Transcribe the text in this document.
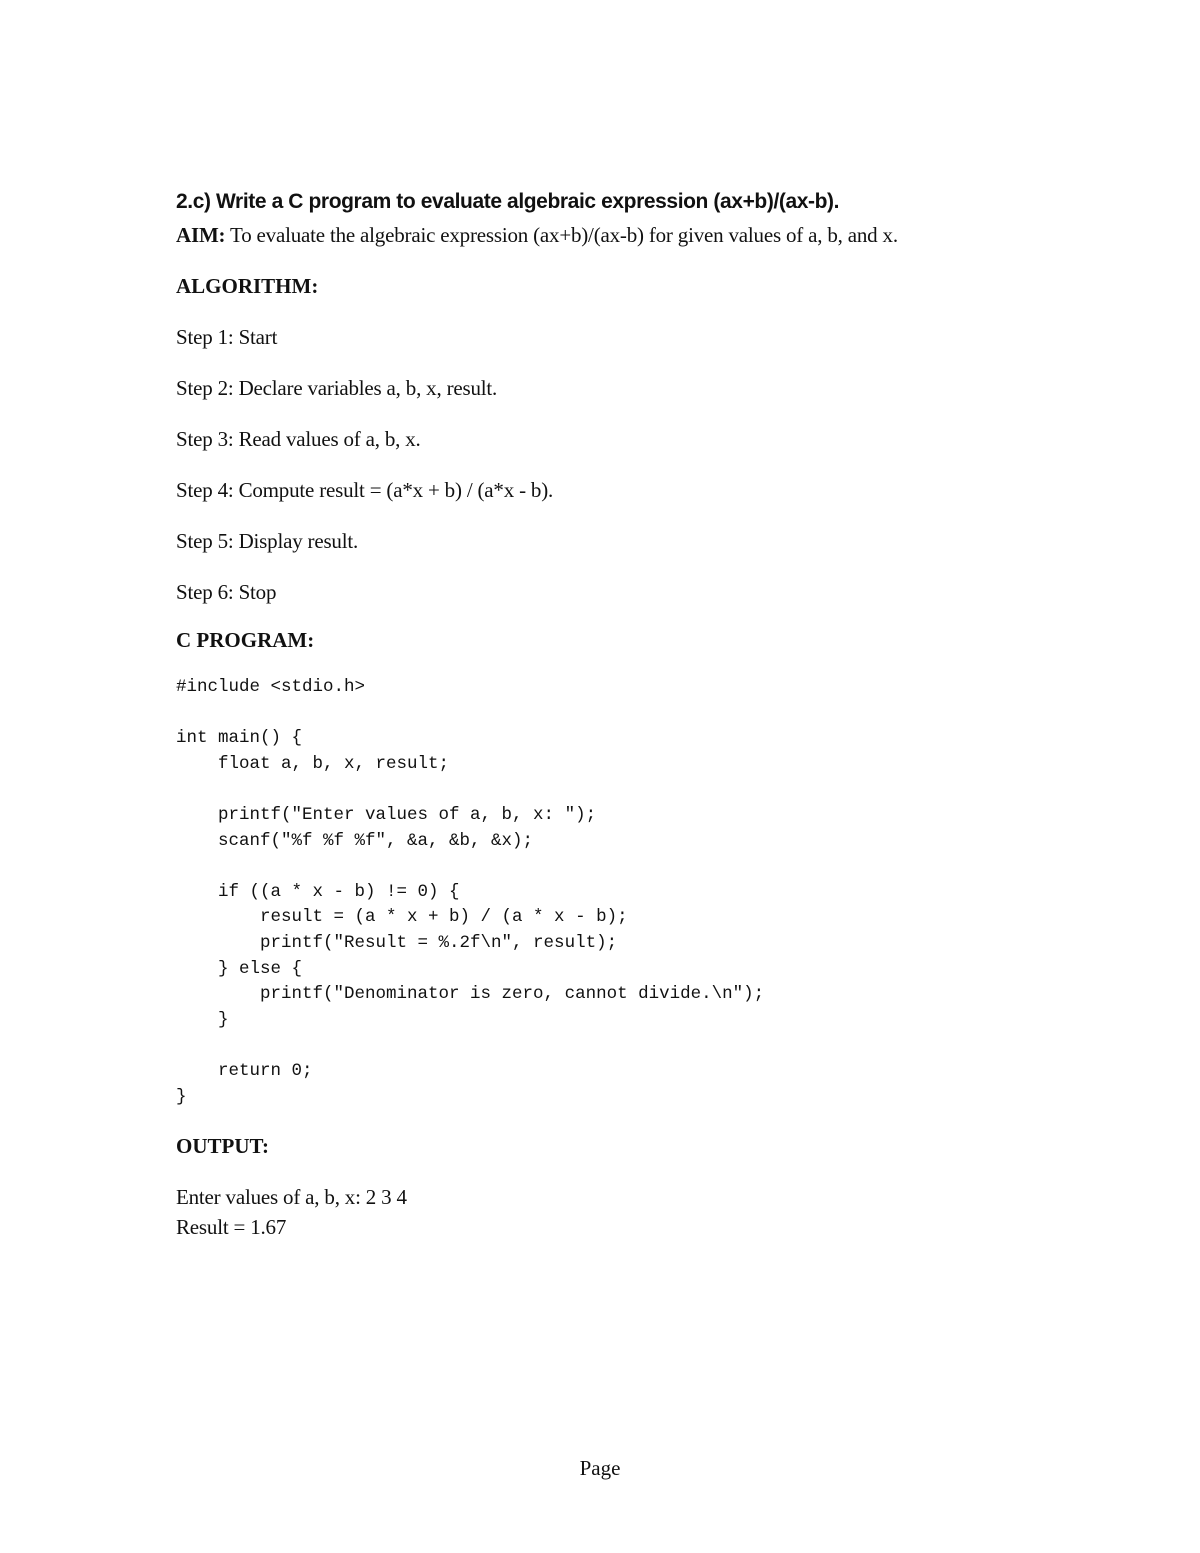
2.c) Write a C program to evaluate algebraic expression (ax+b)/(ax-b).
AIM: To evaluate the algebraic expression (ax+b)/(ax-b) for given values of a, b, and x.
ALGORITHM:
Step 1: Start
Step 2: Declare variables a, b, x, result.
Step 3: Read values of a, b, x.
Step 4: Compute result = (a*x + b) / (a*x - b).
Step 5: Display result.
Step 6: Stop
C PROGRAM:
#include <stdio.h>

int main() {
float a, b, x, result;

printf("Enter values of a, b, x: ");
scanf("%f %f %f", &a, &b, &x);

if ((a * x - b) != 0) {
result = (a * x + b) / (a * x - b);
printf("Result = %.2f\n", result);
} else {
printf("Denominator is zero, cannot divide.\n");
}

return 0;
}
OUTPUT:
Enter values of a, b, x: 2 3 4
Result = 1.67
Page
